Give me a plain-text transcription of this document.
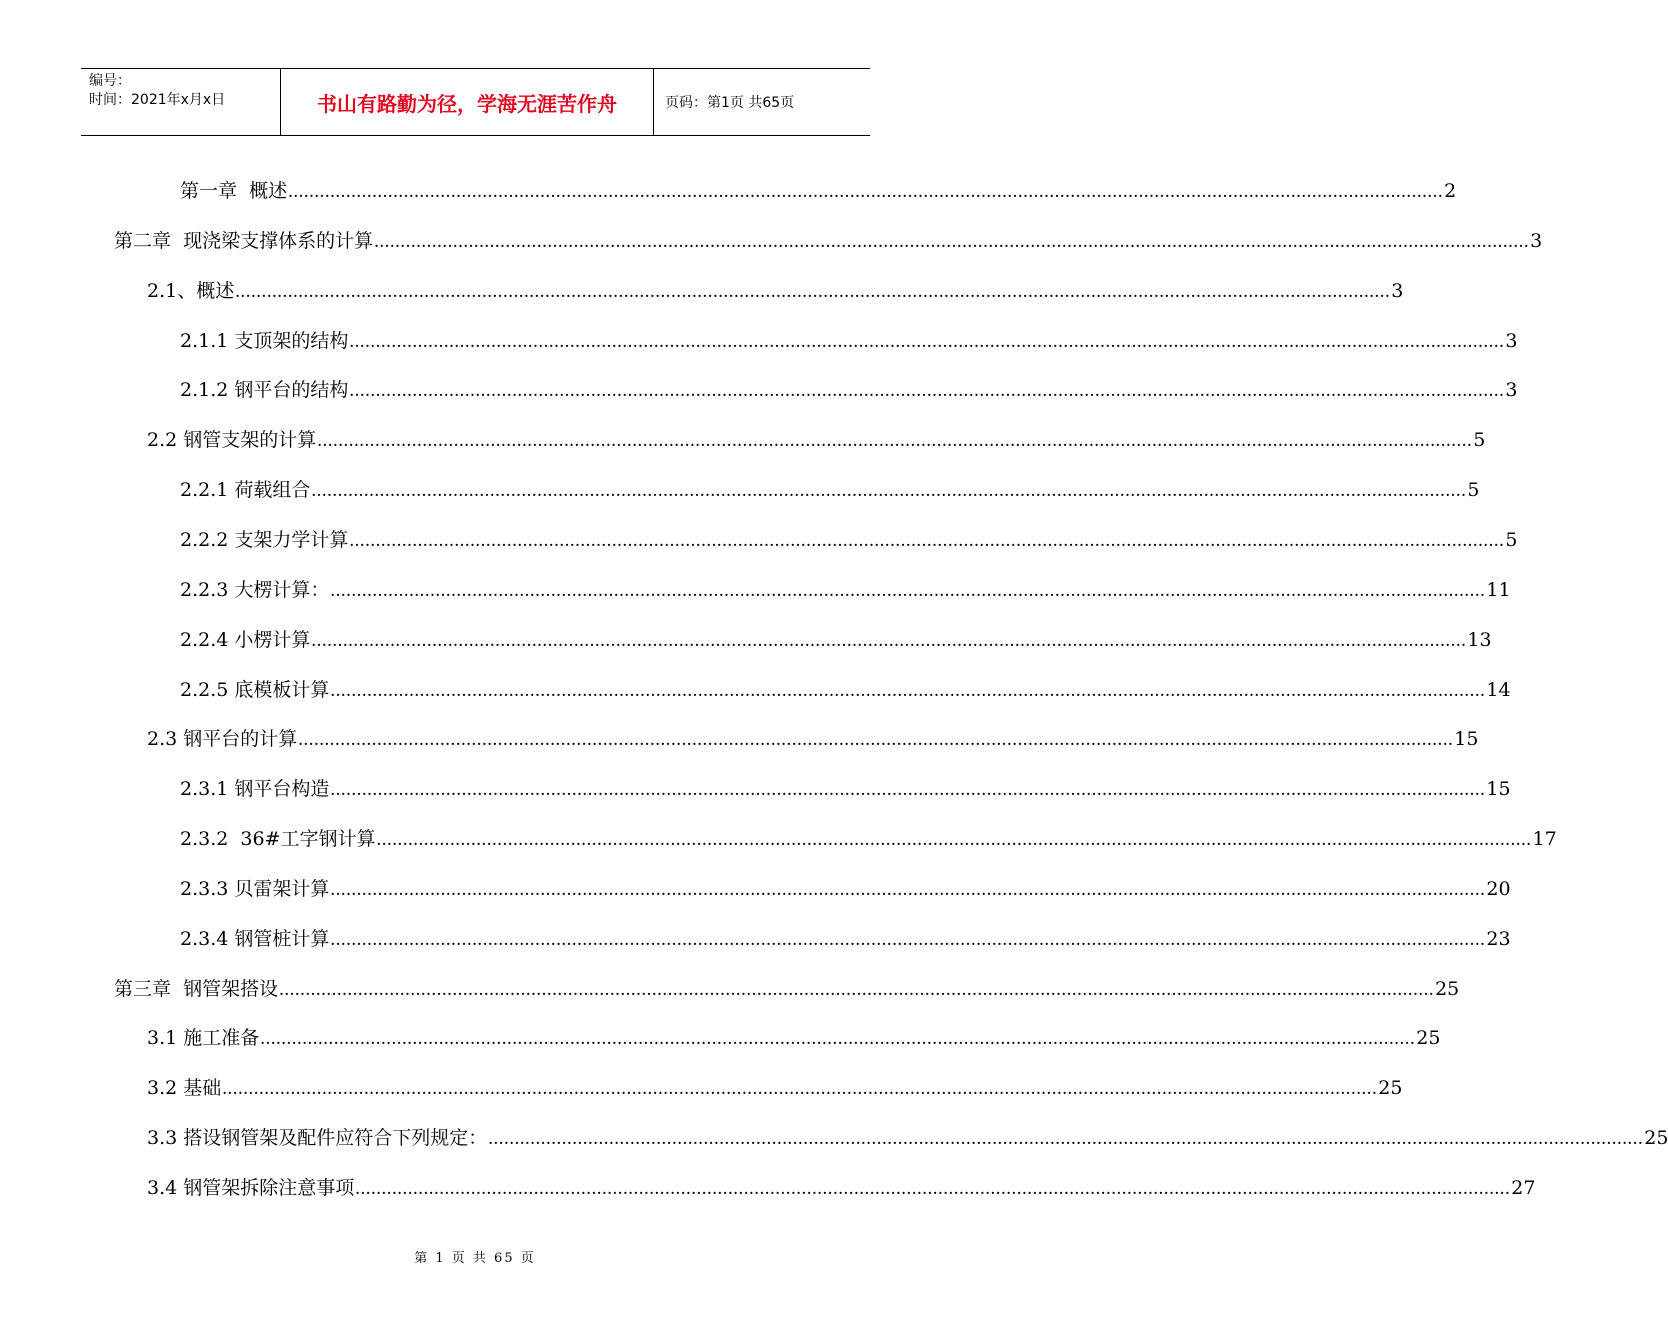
编号：
时间：2021年x月x日	书山有路勤为径，学海无涯苦作舟	页码：第1页 共65页
第一章  概述 ............................................................................................................................................................................................................................ 2
第二章  现浇梁支撑体系的计算 ............................................................................................................................................................................................................................ 3
2.1、概述 ............................................................................................................................................................................................................................ 3
2.1.1 支顶架的结构 ............................................................................................................................................................................................................................ 3
2.1.2 钢平台的结构 ............................................................................................................................................................................................................................ 3
2.2 钢管支架的计算 ............................................................................................................................................................................................................................ 5
2.2.1 荷载组合 ............................................................................................................................................................................................................................ 5
2.2.2 支架力学计算 ............................................................................................................................................................................................................................ 5
2.2.3 大楞计算： ............................................................................................................................................................................................................................ 11
2.2.4 小楞计算 ............................................................................................................................................................................................................................ 13
2.2.5 底模板计算 ............................................................................................................................................................................................................................ 14
2.3 钢平台的计算 ............................................................................................................................................................................................................................ 15
2.3.1 钢平台构造 ............................................................................................................................................................................................................................ 15
2.3.2  36#工字钢计算 ............................................................................................................................................................................................................................ 17
2.3.3 贝雷架计算 ............................................................................................................................................................................................................................ 20
2.3.4 钢管桩计算 ............................................................................................................................................................................................................................ 23
第三章  钢管架搭设 ............................................................................................................................................................................................................................ 25
3.1 施工准备 ............................................................................................................................................................................................................................ 25
3.2 基础 ............................................................................................................................................................................................................................ 25
3.3 搭设钢管架及配件应符合下列规定： ............................................................................................................................................................................................................................ 25
3.4 钢管架拆除注意事项 ............................................................................................................................................................................................................................ 27
第 1 页 共 65 页
